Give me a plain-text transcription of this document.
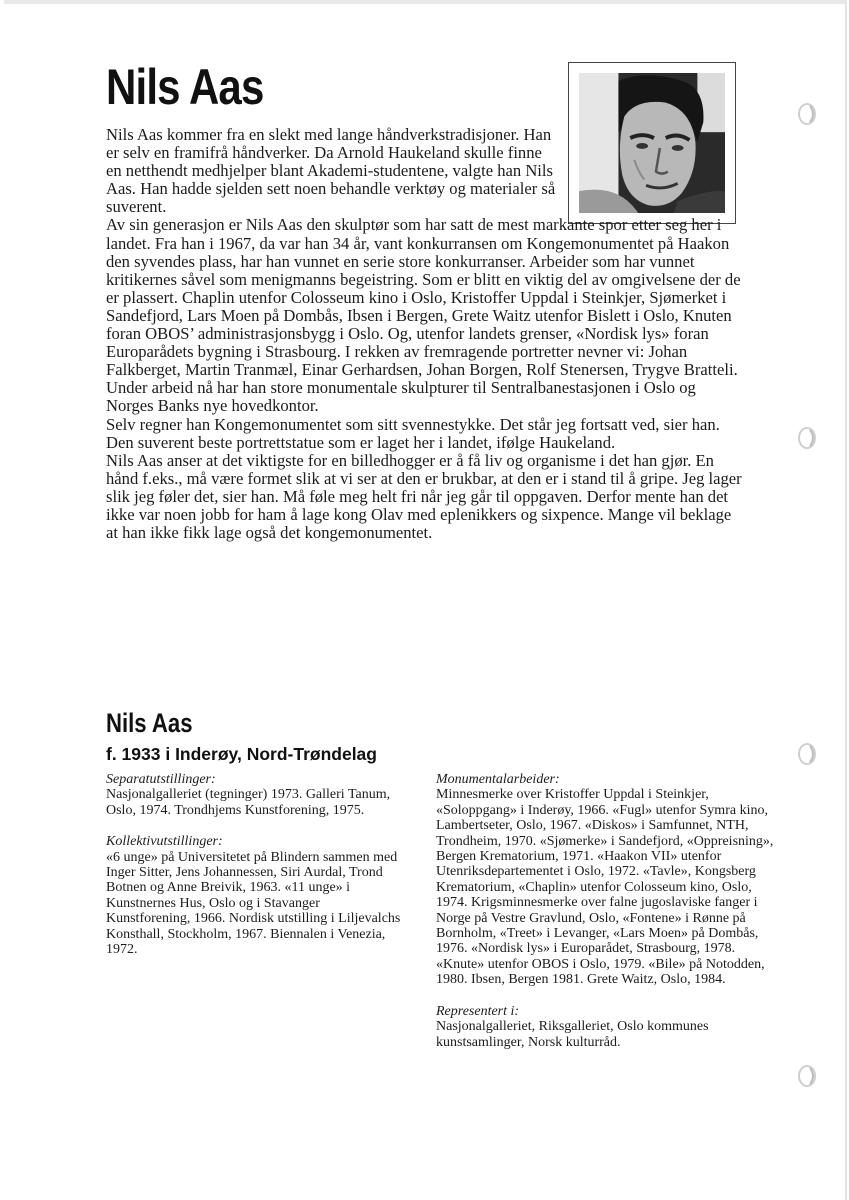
Nils Aas

Nils Aas kommer fra en slekt med lange håndverkstradisjoner. Han er selv en framifrå håndverker. Da Arnold Haukeland skulle finne en netthendt medhjelper blant Akademi-studentene, valgte han Nils Aas. Han hadde sjelden sett noen behandle verktøy og materialer så suverent.

Av sin generasjon er Nils Aas den skulptør som har satt de mest markante spor etter seg her i landet. Fra han i 1967, da var han 34 år, vant konkurransen om Kongemonumentet på Haakon den syvendes plass, har han vunnet en serie store konkurranser. Arbeider som har vunnet kritikernes såvel som menigmanns begeistring. Som er blitt en viktig del av omgivelsene der de er plassert. Chaplin utenfor Colosseum kino i Oslo, Kristoffer Uppdal i Steinkjer, Sjømerket i Sandefjord, Lars Moen på Dombås, Ibsen i Bergen, Grete Waitz utenfor Bislett i Oslo, Knuten foran OBOS’ administrasjonsbygg i Oslo. Og, utenfor landets grenser, «Nordisk lys» foran Europarådets bygning i Strasbourg. I rekken av fremragende portretter nevner vi: Johan Falkberget, Martin Tranmæl, Einar Gerhardsen, Johan Borgen, Rolf Stenersen, Trygve Bratteli.

Under arbeid nå har han store monumentale skulpturer til Sentralbanestasjonen i Oslo og Norges Banks nye hovedkontor.

Selv regner han Kongemonumentet som sitt svennestykke. Det står jeg fortsatt ved, sier han. Den suverent beste portrettstatue som er laget her i landet, ifølge Haukeland.

Nils Aas anser at det viktigste for en billedhogger er å få liv og organisme i det han gjør. En hånd f.eks., må være formet slik at vi ser at den er brukbar, at den er i stand til å gripe. Jeg lager slik jeg føler det, sier han. Må føle meg helt fri når jeg går til oppgaven. Derfor mente han det ikke var noen jobb for ham å lage kong Olav med eplenikkers og sixpence. Mange vil beklage at han ikke fikk lage også det kongemonumentet.

Nils Aas
f. 1933 i Inderøy, Nord-Trøndelag
Separatutstillinger:

Nasjonalgalleriet (tegninger) 1973. Galleri Tanum, Oslo, 1974. Trondhjems Kunstforening, 1975.

Kollektivutstillinger:

«6 unge» på Universitetet på Blindern sammen med Inger Sitter, Jens Johannessen, Siri Aurdal, Trond Botnen og Anne Breivik, 1963. «11 unge» i Kunstnernes Hus, Oslo og i Stavanger Kunstforening, 1966. Nordisk utstilling i Liljevalchs Konsthall, Stockholm, 1967. Biennalen i Venezia, 1972.

Monumentalarbeider:

Minnesmerke over Kristoffer Uppdal i Steinkjer, «Soloppgang» i Inderøy, 1966. «Fugl» utenfor Symra kino, Lambertseter, Oslo, 1967. «Diskos» i Samfunnet, NTH, Trondheim, 1970. «Sjømerke» i Sandefjord, «Oppreisning», Bergen Krematorium, 1971. «Haakon VII» utenfor Utenriksdepartementet i Oslo, 1972. «Tavle», Kongsberg Krematorium, «Chaplin» utenfor Colosseum kino, Oslo, 1974. Krigsminnesmerke over falne jugoslaviske fanger i Norge på Vestre Gravlund, Oslo, «Fontene» i Rønne på Bornholm, «Treet» i Levanger, «Lars Moen» på Dombås, 1976. «Nordisk lys» i Europarådet, Strasbourg, 1978. «Knute» utenfor OBOS i Oslo, 1979. «Bile» på Notodden, 1980. Ibsen, Bergen 1981. Grete Waitz, Oslo, 1984.

Representert i:

Nasjonalgalleriet, Riksgalleriet, Oslo kommunes kunstsamlinger, Norsk kulturråd.
